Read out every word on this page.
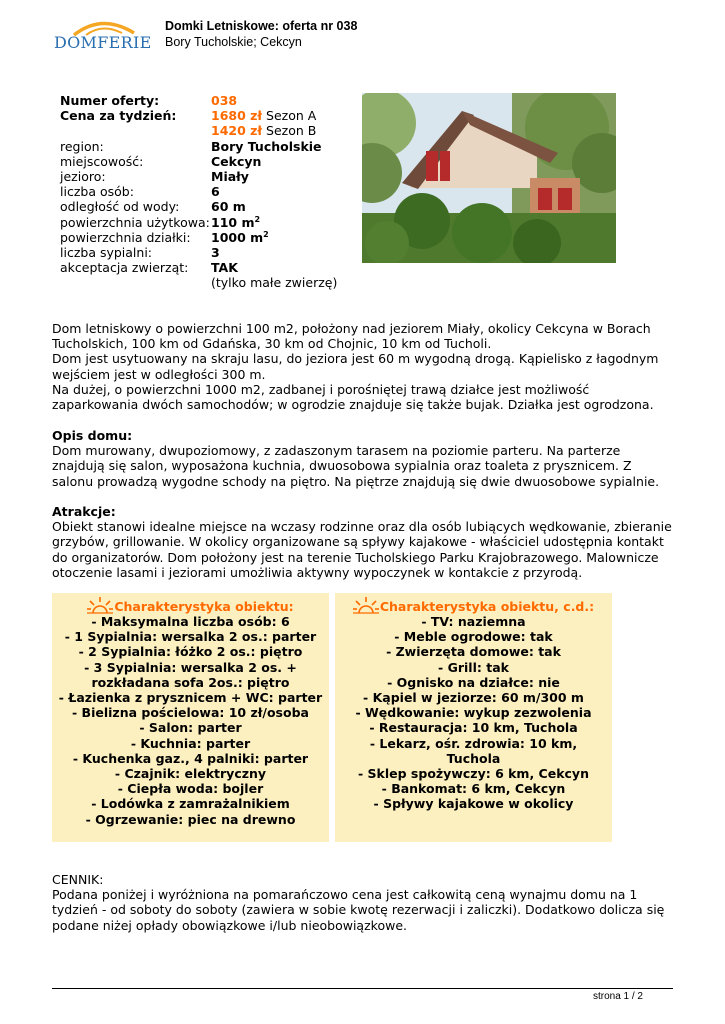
DOMFERIE
Domki Letniskowe: oferta nr 038
Bory Tucholskie; Cekcyn
Numer oferty:	038
Cena za tydzień:	1680 zł Sezon A
1420 zł Sezon B
region:	Bory Tucholskie
miejscowość:	Cekcyn
jezioro:	Miały
liczba osób:	6
odległość od wody:	60 m
powierzchnia użytkowa: 110 $m^2$
powierzchnia działki:	1000 $m^2$
liczba sypialni:	3
akceptacja zwierząt:	TAK
(tylko małe zwierzę)

Dom letniskowy o powierzchni 100 m2, położony nad jeziorem Miały, okolicy Cekcyna w Borach Tucholskich, 100 km od Gdańska, 30 km od Chojnic, 10 km od Tucholi.

Dom jest usytuowany na skraju lasu, do jeziora jest 60 m wygodną drogą. Kąpielisko z łagodnym wejściem jest w odległości 300 m.

Na dużej, o powierzchni 1000 m2, zadbanej i porośniętej trawą działce jest możliwość zaparkowania dwóch samochodów; w ogrodzie znajduje się także bujak. Działka jest ogrodzona.

Opis domu:

Dom murowany, dwupoziomowy, z zadaszonym tarasem na poziomie parteru. Na parterze znajdują się salon, wyposażona kuchnia, dwuosobowa sypialnia oraz toaleta z prysznicem. Z salonu prowadzą wygodne schody na piętro. Na piętrze znajdują się dwie dwuosobowe sypialnie.

Atrakcje:

Obiekt stanowi idealne miejsce na wczasy rodzinne oraz dla osób lubiących wędkowanie, zbieranie grzybów, grillowanie. W okolicy organizowane są spływy kajakowe - właściciel udostępnia kontakt do organizatorów. Dom położony jest na terenie Tucholskiego Parku Krajobrazowego. Malownicze otoczenie lasami i jeziorami umożliwia aktywny wypoczynek w kontakcie z przyrodą.

Charakterystyka obiektu:
- Maksymalna liczba osób: 6
- 1 Sypialnia: wersalka 2 os.: parter
- 2 Sypialnia: łóżko 2 os.: piętro
- 3 Sypialnia: wersalka 2 os. + rozkładana sofa 2os.: piętro
- Łazienka z prysznicem + WC: parter
- Bielizna pościelowa: 10 zł/osoba
- Salon: parter
- Kuchnia: parter
- Kuchenka gaz., 4 palniki: parter
- Czajnik: elektryczny
- Ciepła woda: bojler
- Lodówka z zamrażalnikiem
- Ogrzewanie: piec na drewno
Charakterystyka obiektu, c.d.:
- TV: naziemna
- Meble ogrodowe: tak
- Zwierzęta domowe: tak
- Grill: tak
- Ognisko na działce: nie
- Kąpiel w jeziorze: 60 m/300 m
- Wędkowanie: wykup zezwolenia
- Restauracja: 10 km, Tuchola
- Lekarz, ośr. zdrowia: 10 km, Tuchola
- Sklep spożywczy: 6 km, Cekcyn
- Bankomat: 6 km, Cekcyn
- Spływy kajakowe w okolicy

CENNIK:

Podana poniżej i wyróżniona na pomarańczowo cena jest całkowitą ceną wynajmu domu na 1 tydzień - od soboty do soboty (zawiera w sobie kwotę rezerwacji i zaliczki). Dodatkowo dolicza się podane niżej opłady obowiązkowe i/lub nieobowiązkowe.

strona 1 / 2
